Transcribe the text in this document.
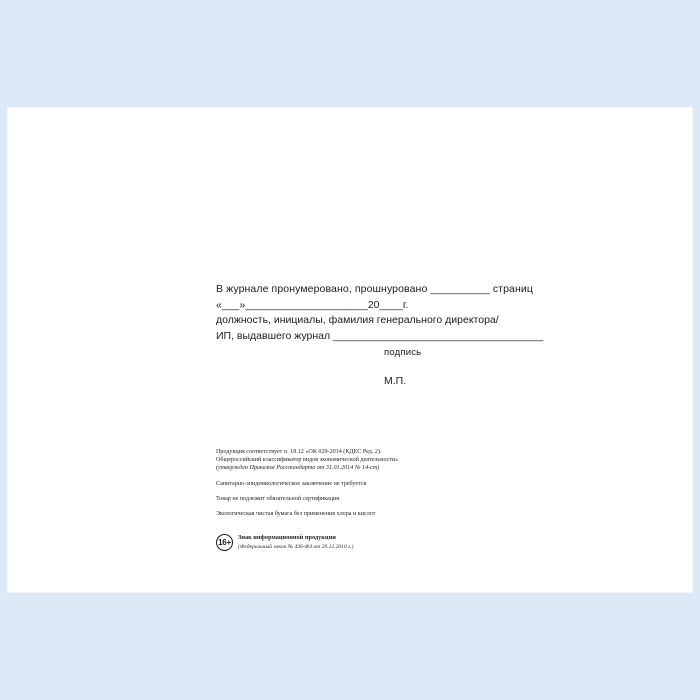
В журнале пронумеровано, прошнуровано __________ страниц
«___»_____________________20____г.
должность, инициалы, фамилия генерального директора/
ИП, выдавшего журнал ____________________________________
подпись
М.П.
Продукция соответствует п. 18.12 «ОК 029-2014 (КДЕС Ред. 2).
Общероссийский классификатор видов экономической деятельности»
(утвержден Приказом Росстандарта от 31.01.2014 № 14-ст)
Санитарно-эпидемиологическое заключение не требуется
Товар не подлежит обязательной сертификации
Экологическая чистая бумага без применения хлора и кислот
16+
Знак информационной продукции
(Федеральный закон № 436-ФЗ от 29.12.2010 г.)
